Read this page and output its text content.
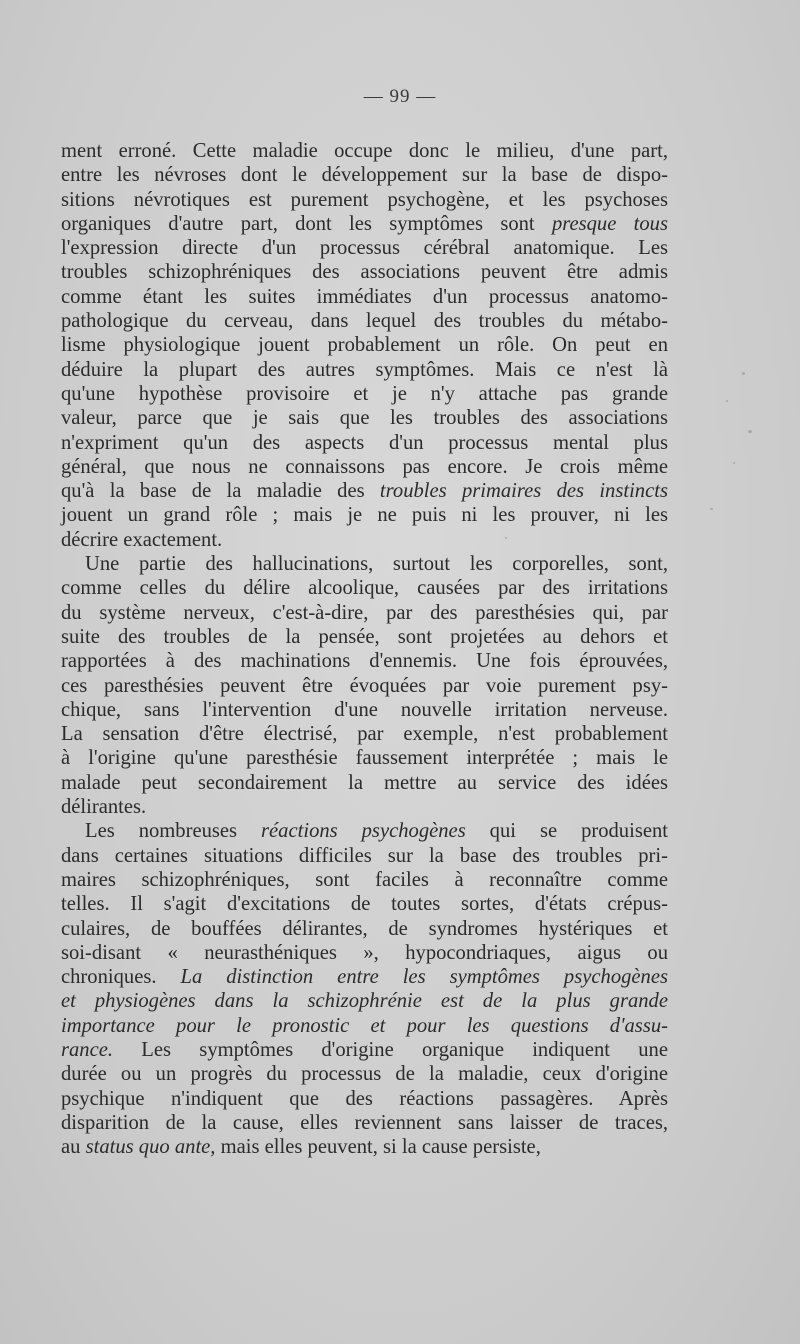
— 99 —

ment erroné. Cette maladie occupe donc le milieu, d'une part,

entre les névroses dont le développement sur la base de dispo-

sitions névrotiques est purement psychogène, et les psychoses

organiques d'autre part, dont les symptômes sont presque tous

l'expression directe d'un processus cérébral anatomique. Les

troubles schizophréniques des associations peuvent être admis

comme étant les suites immédiates d'un processus anatomo-

pathologique du cerveau, dans lequel des troubles du métabo-

lisme physiologique jouent probablement un rôle. On peut en

déduire la plupart des autres symptômes. Mais ce n'est là

qu'une hypothèse provisoire et je n'y attache pas grande

valeur, parce que je sais que les troubles des associations

n'expriment qu'un des aspects d'un processus mental plus

général, que nous ne connaissons pas encore. Je crois même

qu'à la base de la maladie des troubles primaires des instincts

jouent un grand rôle ; mais je ne puis ni les prouver, ni les

décrire exactement.

Une partie des hallucinations, surtout les corporelles, sont,

comme celles du délire alcoolique, causées par des irritations

du système nerveux, c'est-à-dire, par des paresthésies qui, par

suite des troubles de la pensée, sont projetées au dehors et

rapportées à des machinations d'ennemis. Une fois éprouvées,

ces paresthésies peuvent être évoquées par voie purement psy-

chique, sans l'intervention d'une nouvelle irritation nerveuse.

La sensation d'être électrisé, par exemple, n'est probablement

à l'origine qu'une paresthésie faussement interprétée ; mais le

malade peut secondairement la mettre au service des idées

délirantes.

Les nombreuses réactions psychogènes qui se produisent

dans certaines situations difficiles sur la base des troubles pri-

maires schizophréniques, sont faciles à reconnaître comme

telles. Il s'agit d'excitations de toutes sortes, d'états crépus-

culaires, de bouffées délirantes, de syndromes hystériques et

soi-disant « neurasthéniques », hypocondriaques, aigus ou

chroniques. La distinction entre les symptômes psychogènes

et physiogènes dans la schizophrénie est de la plus grande

importance pour le pronostic et pour les questions d'assu-

rance. Les symptômes d'origine organique indiquent une

durée ou un progrès du processus de la maladie, ceux d'origine

psychique n'indiquent que des réactions passagères. Après

disparition de la cause, elles reviennent sans laisser de traces,

au status quo ante, mais elles peuvent, si la cause persiste,
